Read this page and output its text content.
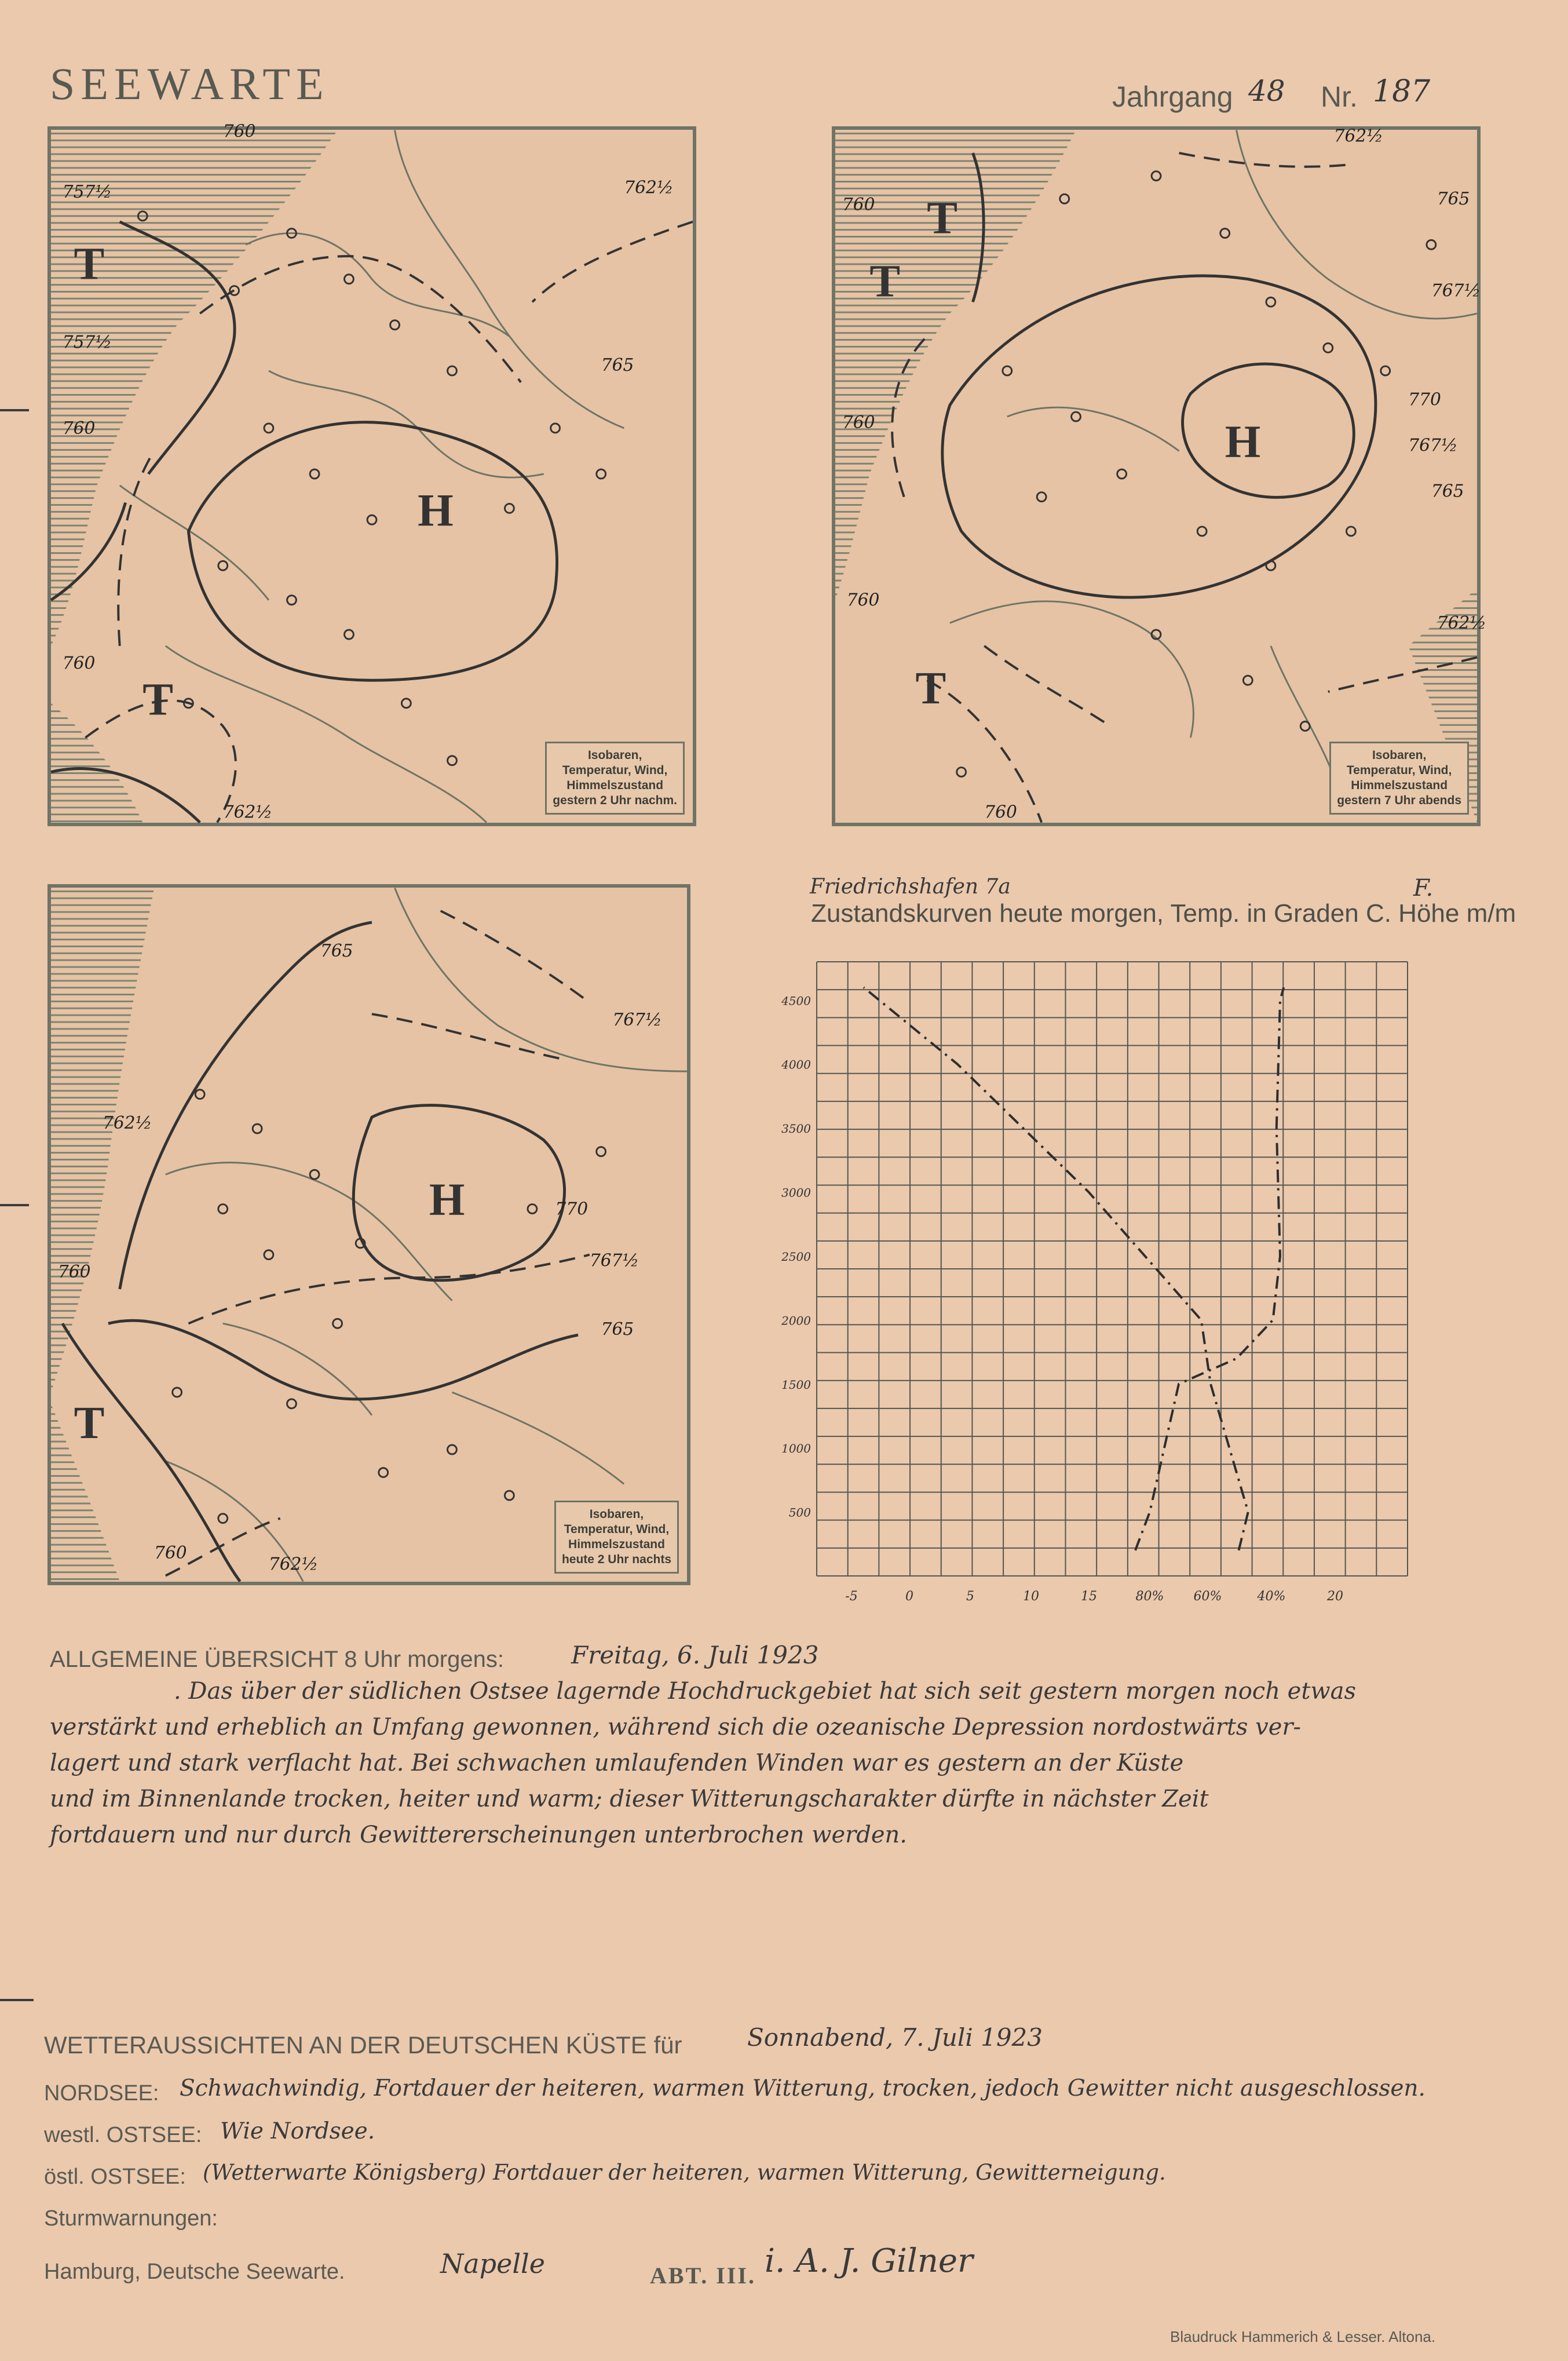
SEEWARTE	Jahrgang 48 Nr. 187
760
757½
757½
760
760
762½
765
762½
T
T
H
Isobaren,
Temperatur, Wind,
Himmelszustand
gestern 2 Uhr nachm.
762½
760	765
767½
760
770
767½
765
760
762½
760
T
T
T
H
Isobaren,
Temperatur, Wind,
Himmelszustand
gestern 7 Uhr abends
765
767½
762½
770
767½
760
765
760
762½
T
H
Isobaren,
Temperatur, Wind,
Himmelszustand
heute 2 Uhr nachts
Friedrichshafen 7a
Zustandskurven heute morgen, Temp. in Graden C. Höhe m/m
F.
4500
4000
3500
3000
2500
2000
1500
1000
500
-5	0	5	10	15	80% 60%	40%	20
ALLGEMEINE ÜBERSICHT 8 Uhr morgens:	Freitag, 6. Juli 1923
. Das über der südlichen Ostsee lagernde Hochdruckgebiet hat sich seit gestern morgen noch etwas
verstärkt und erheblich an Umfang gewonnen, während sich die ozeanische Depression nordostwärts ver-
lagert und stark verflacht hat. Bei schwachen umlaufenden Winden war es gestern an der Küste
und im Binnenlande trocken, heiter und warm; dieser Witterungscharakter dürfte in nächster Zeit
fortdauern und nur durch Gewittererscheinungen unterbrochen werden.
WETTERAUSSICHTEN AN DER DEUTSCHEN KÜSTE für	Sonnabend, 7. Juli 1923
NORDSEE: Schwachwindig, Fortdauer der heiteren, warmen Witterung, trocken, jedoch Gewitter nicht ausgeschlossen.
westl. OSTSEE: Wie Nordsee.
östl. OSTSEE: (Wetterwarte Königsberg) Fortdauer der heiteren, warmen Witterung, Gewitterneigung.
Sturmwarnungen:
Hamburg, Deutsche Seewarte.	Napelle	ABT. III. i. A. J. Gilner
Blaudruck Hammerich & Lesser. Altona.
